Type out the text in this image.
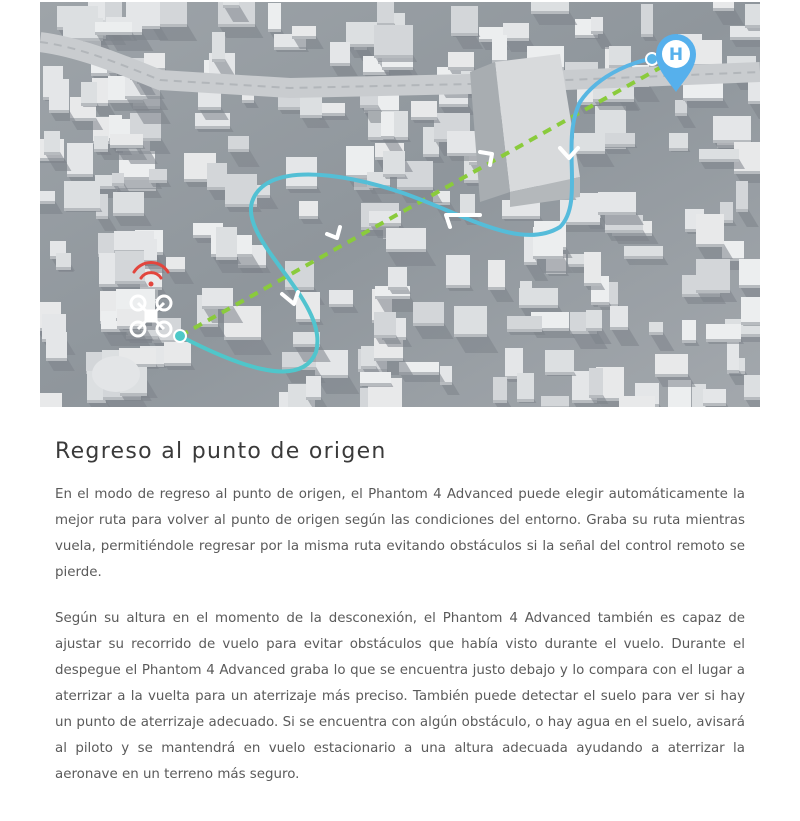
H
Regreso al punto de origen

En el modo de regreso al punto de origen, el Phantom 4 Advanced puede elegir automáticamente la mejor ruta para volver al punto de origen según las condiciones del entorno. Graba su ruta mientras vuela, permitiéndole regresar por la misma ruta evitando obstáculos si la señal del control remoto se pierde.

Según su altura en el momento de la desconexión, el Phantom 4 Advanced también es capaz de ajustar su recorrido de vuelo para evitar obstáculos que había visto durante el vuelo. Durante el despegue el Phantom 4 Advanced graba lo que se encuentra justo debajo y lo compara con el lugar a aterrizar a la vuelta para un aterrizaje más preciso. También puede detectar el suelo para ver si hay un punto de aterrizaje adecuado. Si se encuentra con algún obstáculo, o hay agua en el suelo, avisará al piloto y se mantendrá en vuelo estacionario a una altura adecuada ayudando a aterrizar la aeronave en un terreno más seguro.
